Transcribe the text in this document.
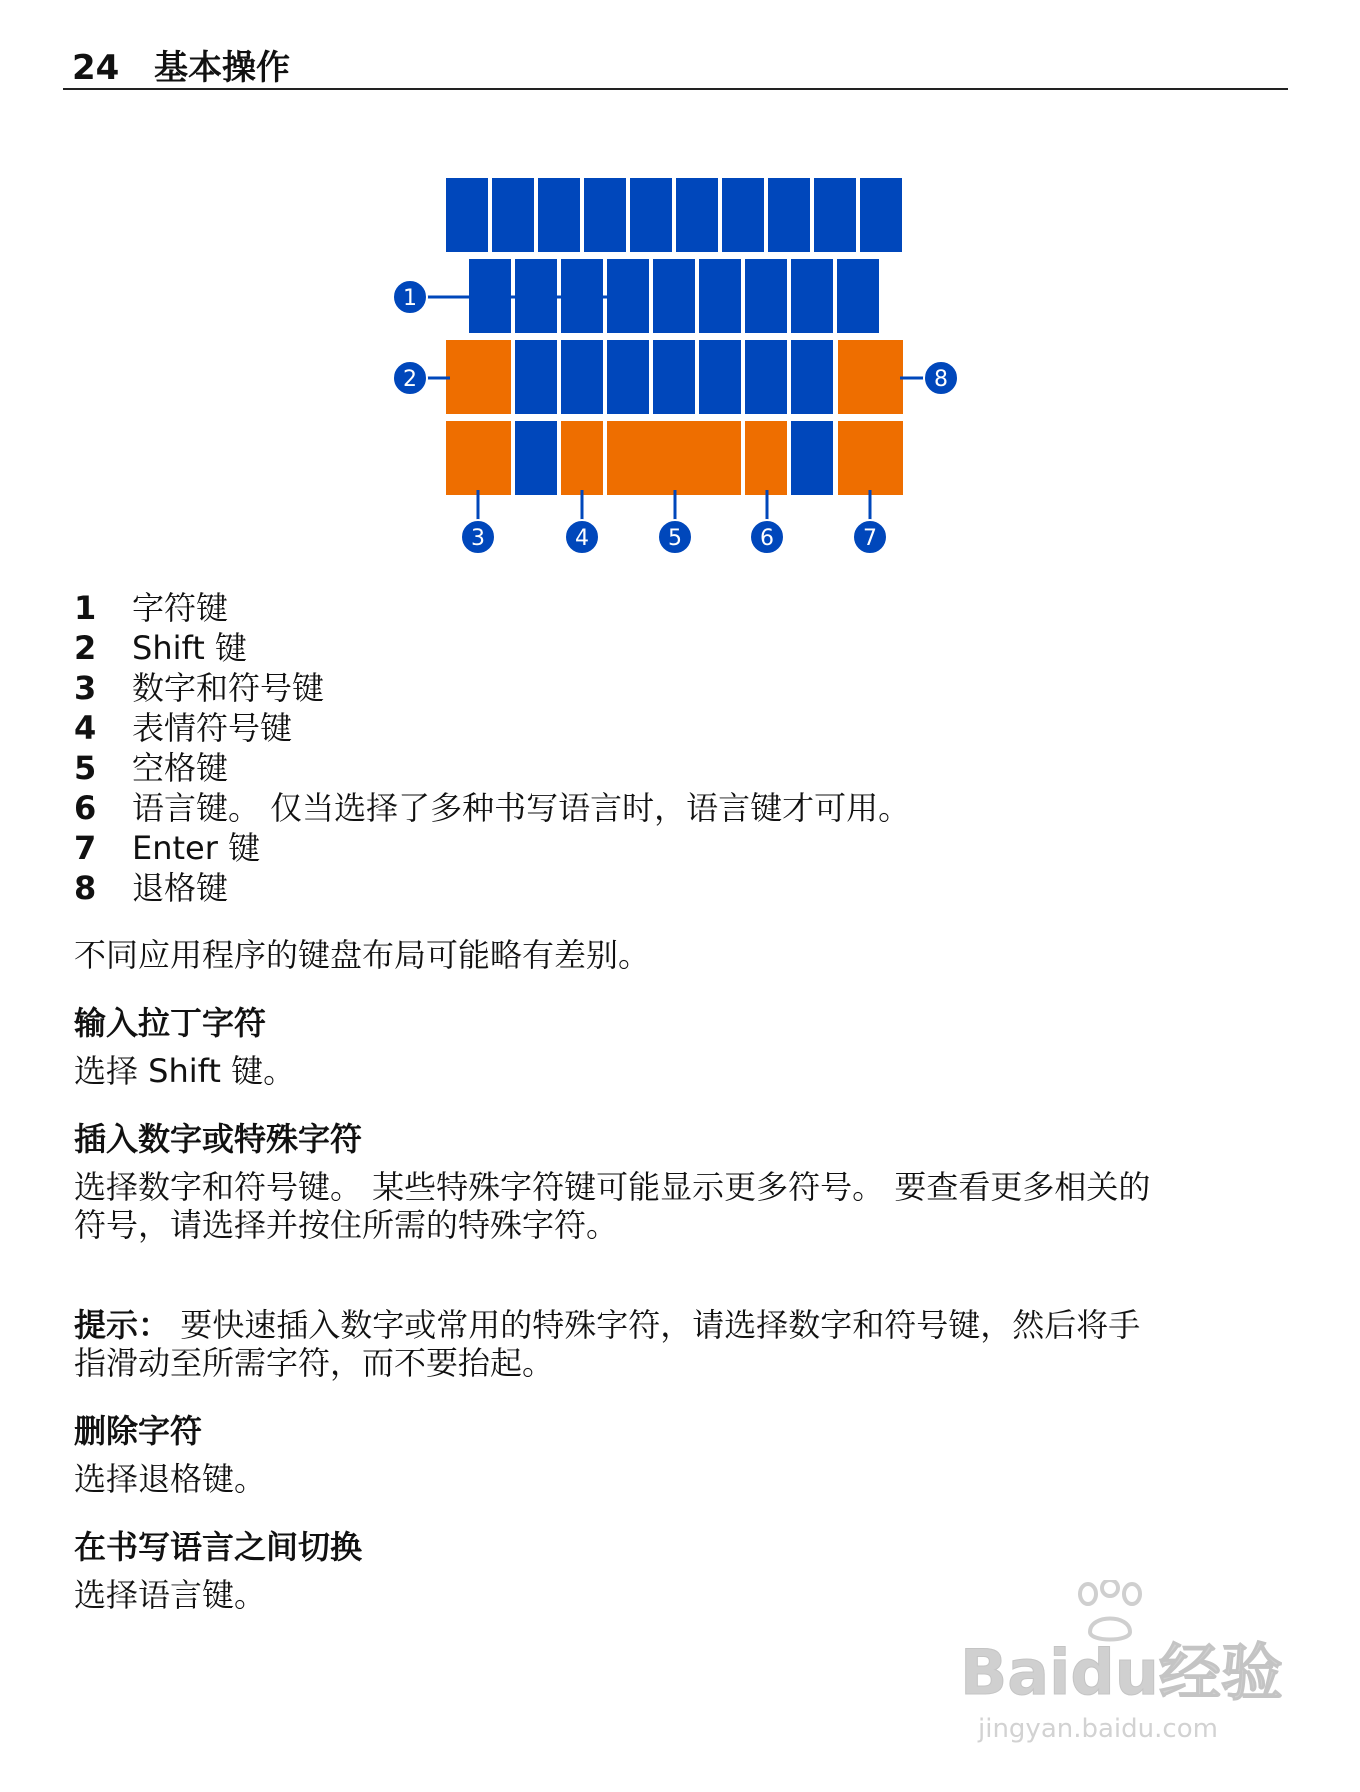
24 基本操作
1
2
3	4	5	6	7
8
1 字符键
2 Shift 键
3 数字和符号键
4 表情符号键
5 空格键
6 语言键。 仅当选择了多种书写语言时，语言键才可用。
7 Enter 键
8 退格键
不同应用程序的键盘布局可能略有差别。
输入拉丁字符
选择 Shift 键。
插入数字或特殊字符
选择数字和符号键。 某些特殊字符键可能显示更多符号。 要查看更多相关的
符号，请选择并按住所需的特殊字符。
提示： 要快速插入数字或常用的特殊字符，请选择数字和符号键，然后将手
指滑动至所需字符，而不要抬起。
删除字符
选择退格键。
在书写语言之间切换
选择语言键。
Baidu经验
jingyan.baidu.com
